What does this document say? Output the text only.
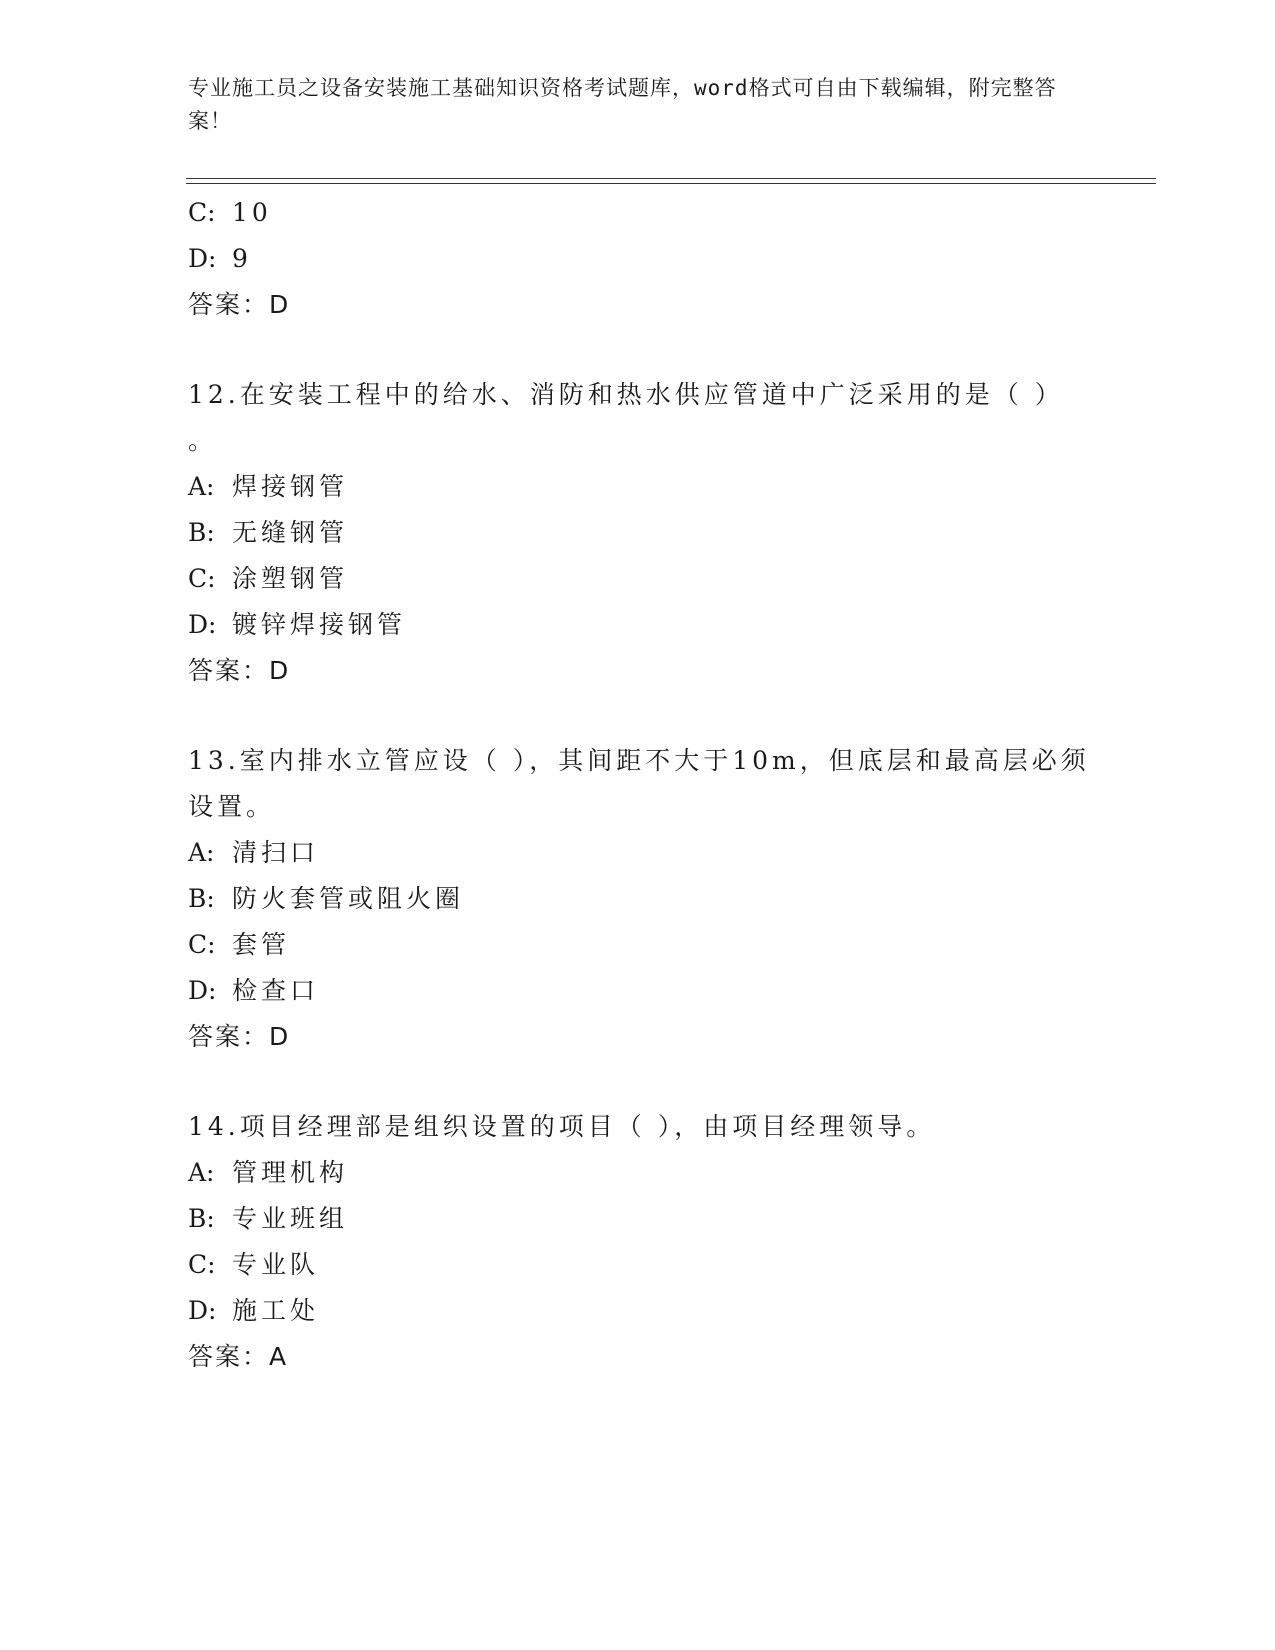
专业施工员之设备安装施工基础知识资格考试题库，word格式可自由下载编辑，附完整答案！
C: 10
D: 9
答案：D
12.在安装工程中的给水、消防和热水供应管道中广泛采用的是（ ）
。
A: 焊接钢管
B: 无缝钢管
C: 涂塑钢管
D: 镀锌焊接钢管
答案：D
13.室内排水立管应设（ ），其间距不大于10m，但底层和最高层必须
设置。
A: 清扫口
B: 防火套管或阻火圈
C: 套管
D: 检查口
答案：D
14.项目经理部是组织设置的项目（ ），由项目经理领导。
A: 管理机构
B: 专业班组
C: 专业队
D: 施工处
答案：A
